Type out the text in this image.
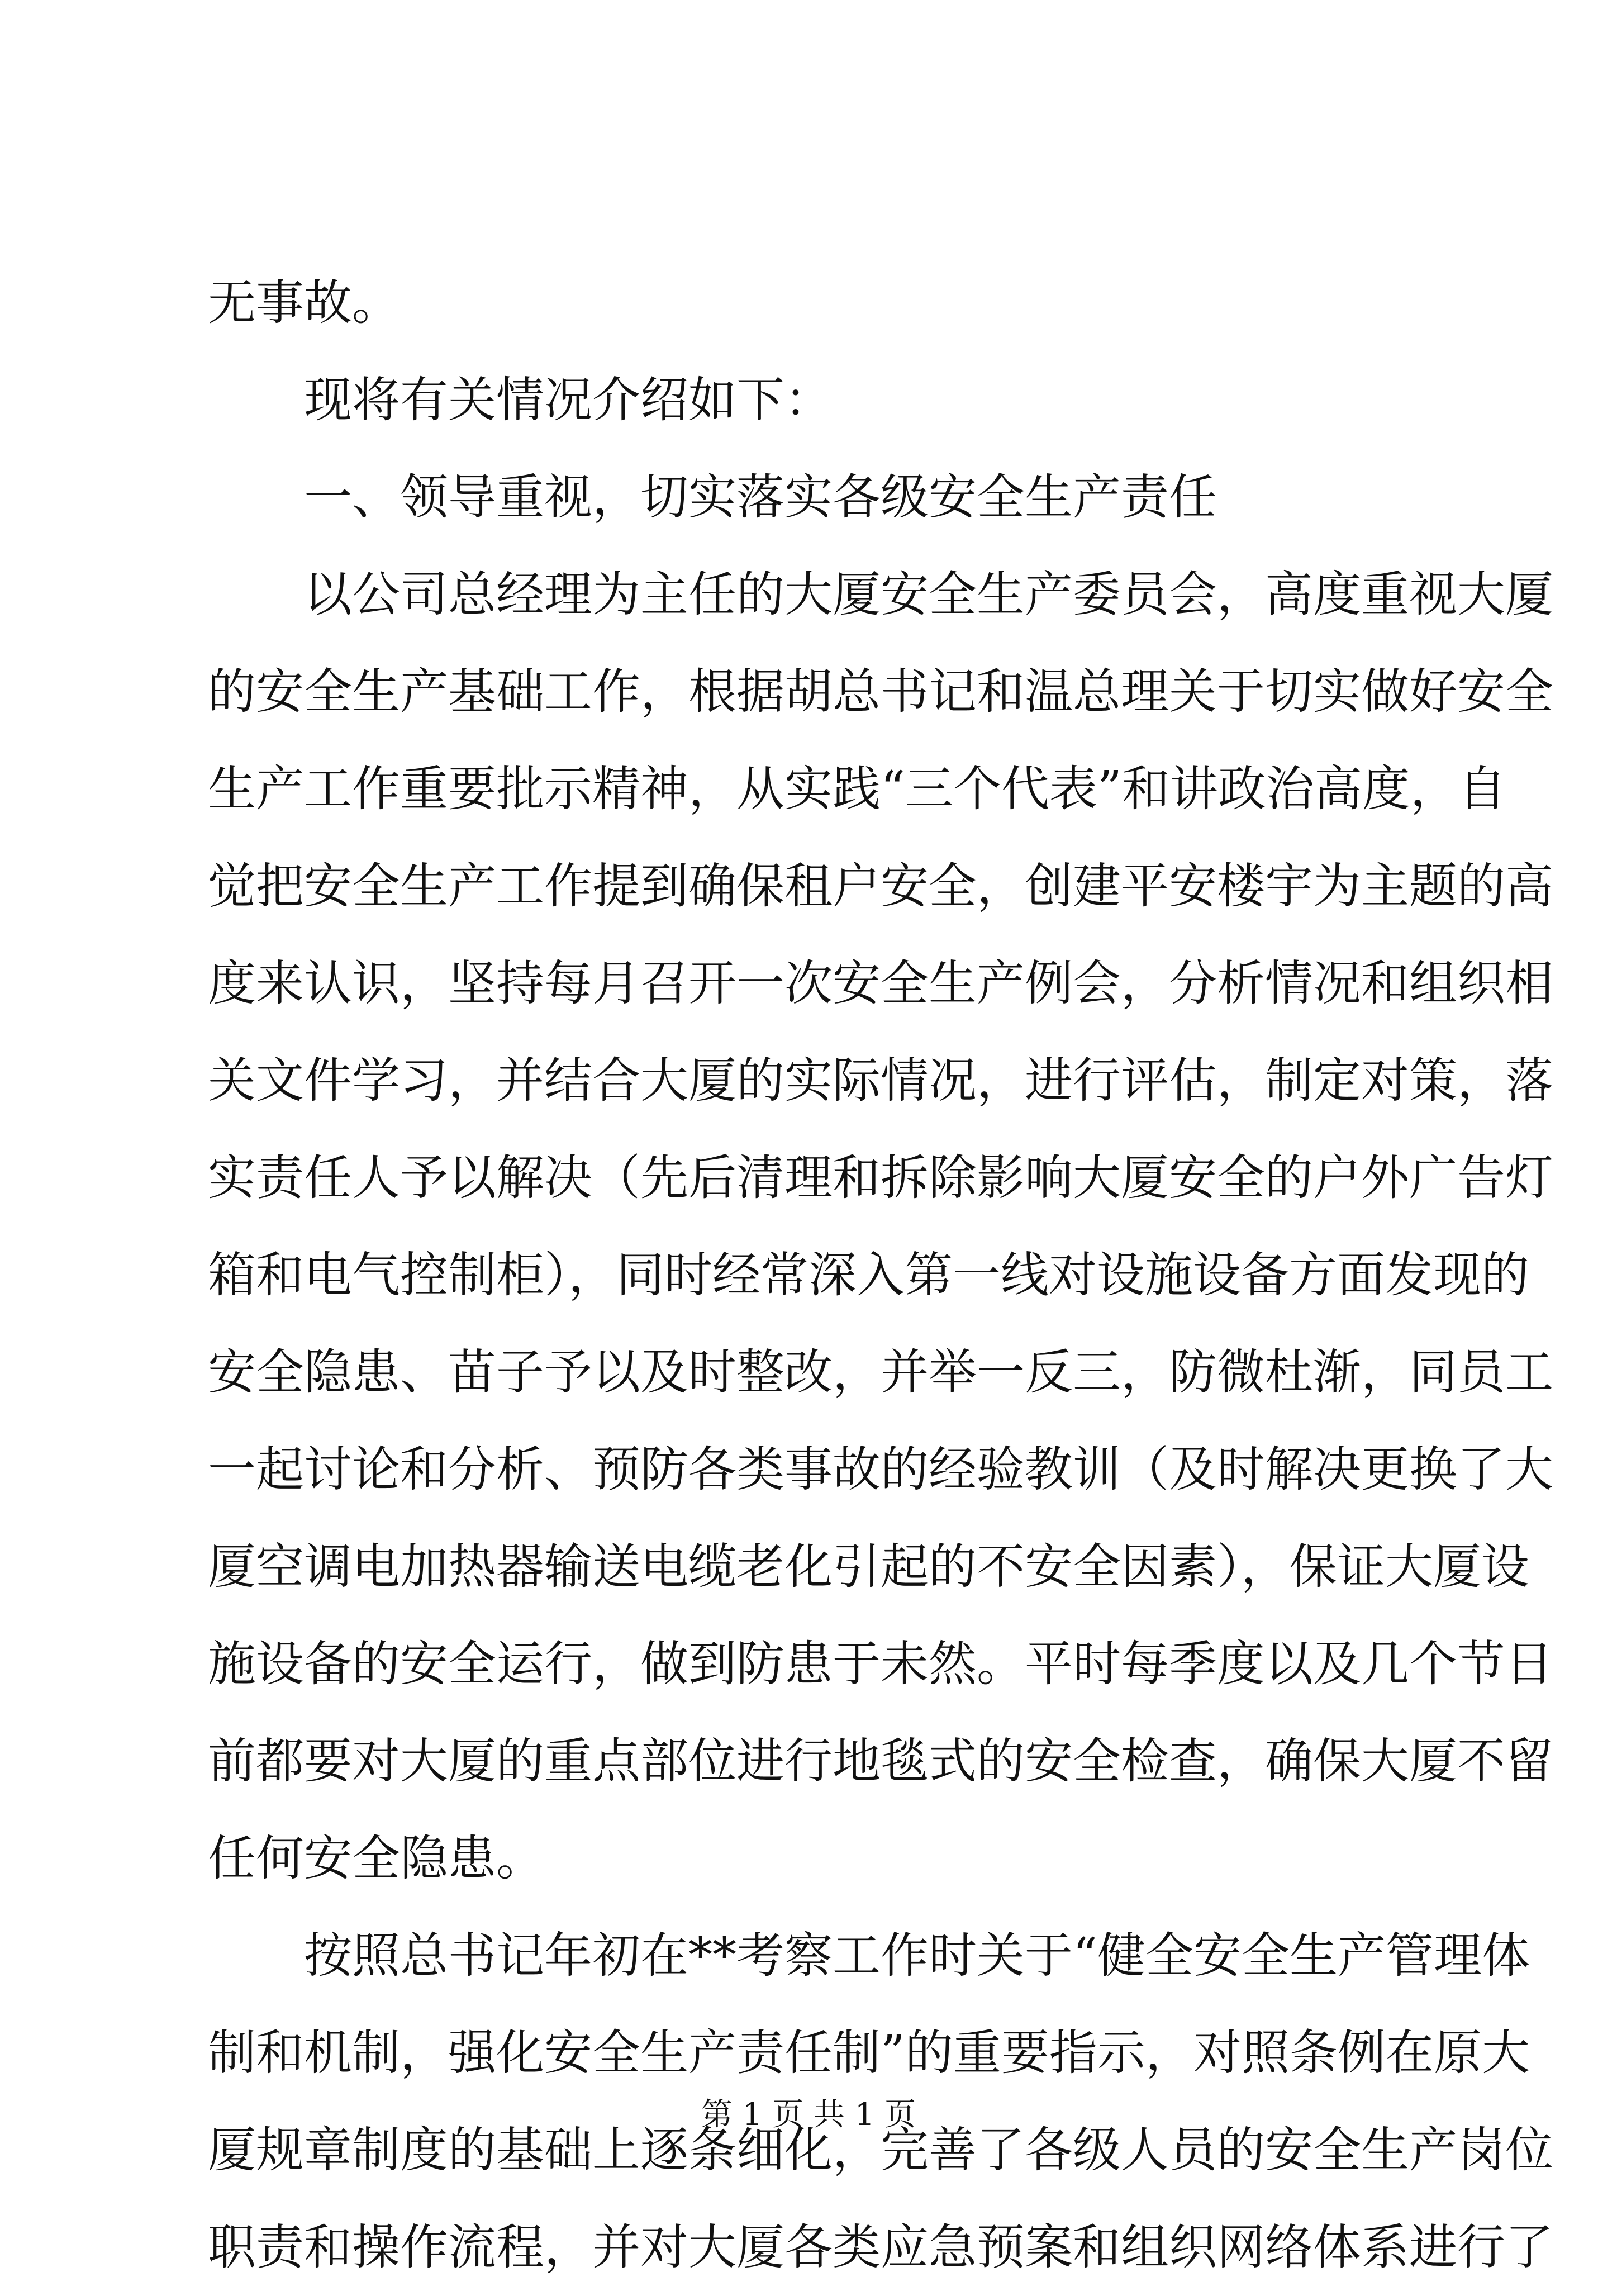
无事故。
现将有关情况介绍如下：
一、领导重视，切实落实各级安全生产责任
以公司总经理为主任的大厦安全生产委员会，高度重视大厦
的安全生产基础工作，根据胡总书记和温总理关于切实做好安全
生产工作重要批示精神，从实践“三个代表”和讲政治高度，自
觉把安全生产工作提到确保租户安全，创建平安楼宇为主题的高
度来认识，坚持每月召开一次安全生产例会，分析情况和组织相
关文件学习，并结合大厦的实际情况，进行评估，制定对策，落
实责任人予以解决（先后清理和拆除影响大厦安全的户外广告灯
箱和电气控制柜），同时经常深入第一线对设施设备方面发现的
安全隐患、苗子予以及时整改，并举一反三，防微杜渐，同员工
一起讨论和分析、预防各类事故的经验教训（及时解决更换了大
厦空调电加热器输送电缆老化引起的不安全因素），保证大厦设
施设备的安全运行，做到防患于未然。平时每季度以及几个节日
前都要对大厦的重点部位进行地毯式的安全检查，确保大厦不留
任何安全隐患。
按照总书记年初在**考察工作时关于“健全安全生产管理体
制和机制，强化安全生产责任制”的重要指示，对照条例在原大
厦规章制度的基础上逐条细化，完善了各级人员的安全生产岗位
职责和操作流程，并对大厦各类应急预案和组织网络体系进行了
第 1 页 共 1 页
